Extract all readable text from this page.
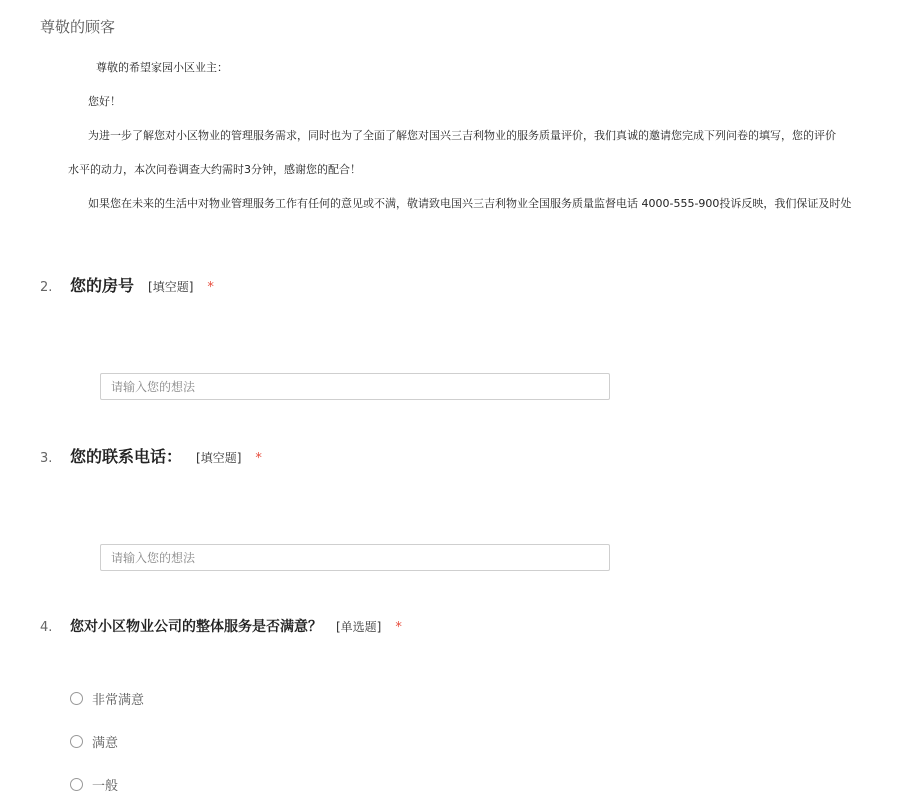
尊敬的顾客

尊敬的希望家园小区业主：

您好！

为进一步了解您对小区物业的管理服务需求，同时也为了全面了解您对国兴三吉利物业的服务质量评价，我们真诚的邀请您完成下列问卷的填写，您的评价

水平的动力，本次问卷调查大约需时3分钟，感谢您的配合！

如果您在未来的生活中对物业管理服务工作有任何的意见或不满，敬请致电国兴三吉利物业全国服务质量监督电话 4000-555-900投诉反映，我们保证及时处

2.	您的房号 [填空题] *
请输入您的想法
3.	您的联系电话： [填空题] *
请输入您的想法
4.	您对小区物业公司的整体服务是否满意？ [单选题] *
非常满意
满意
一般
